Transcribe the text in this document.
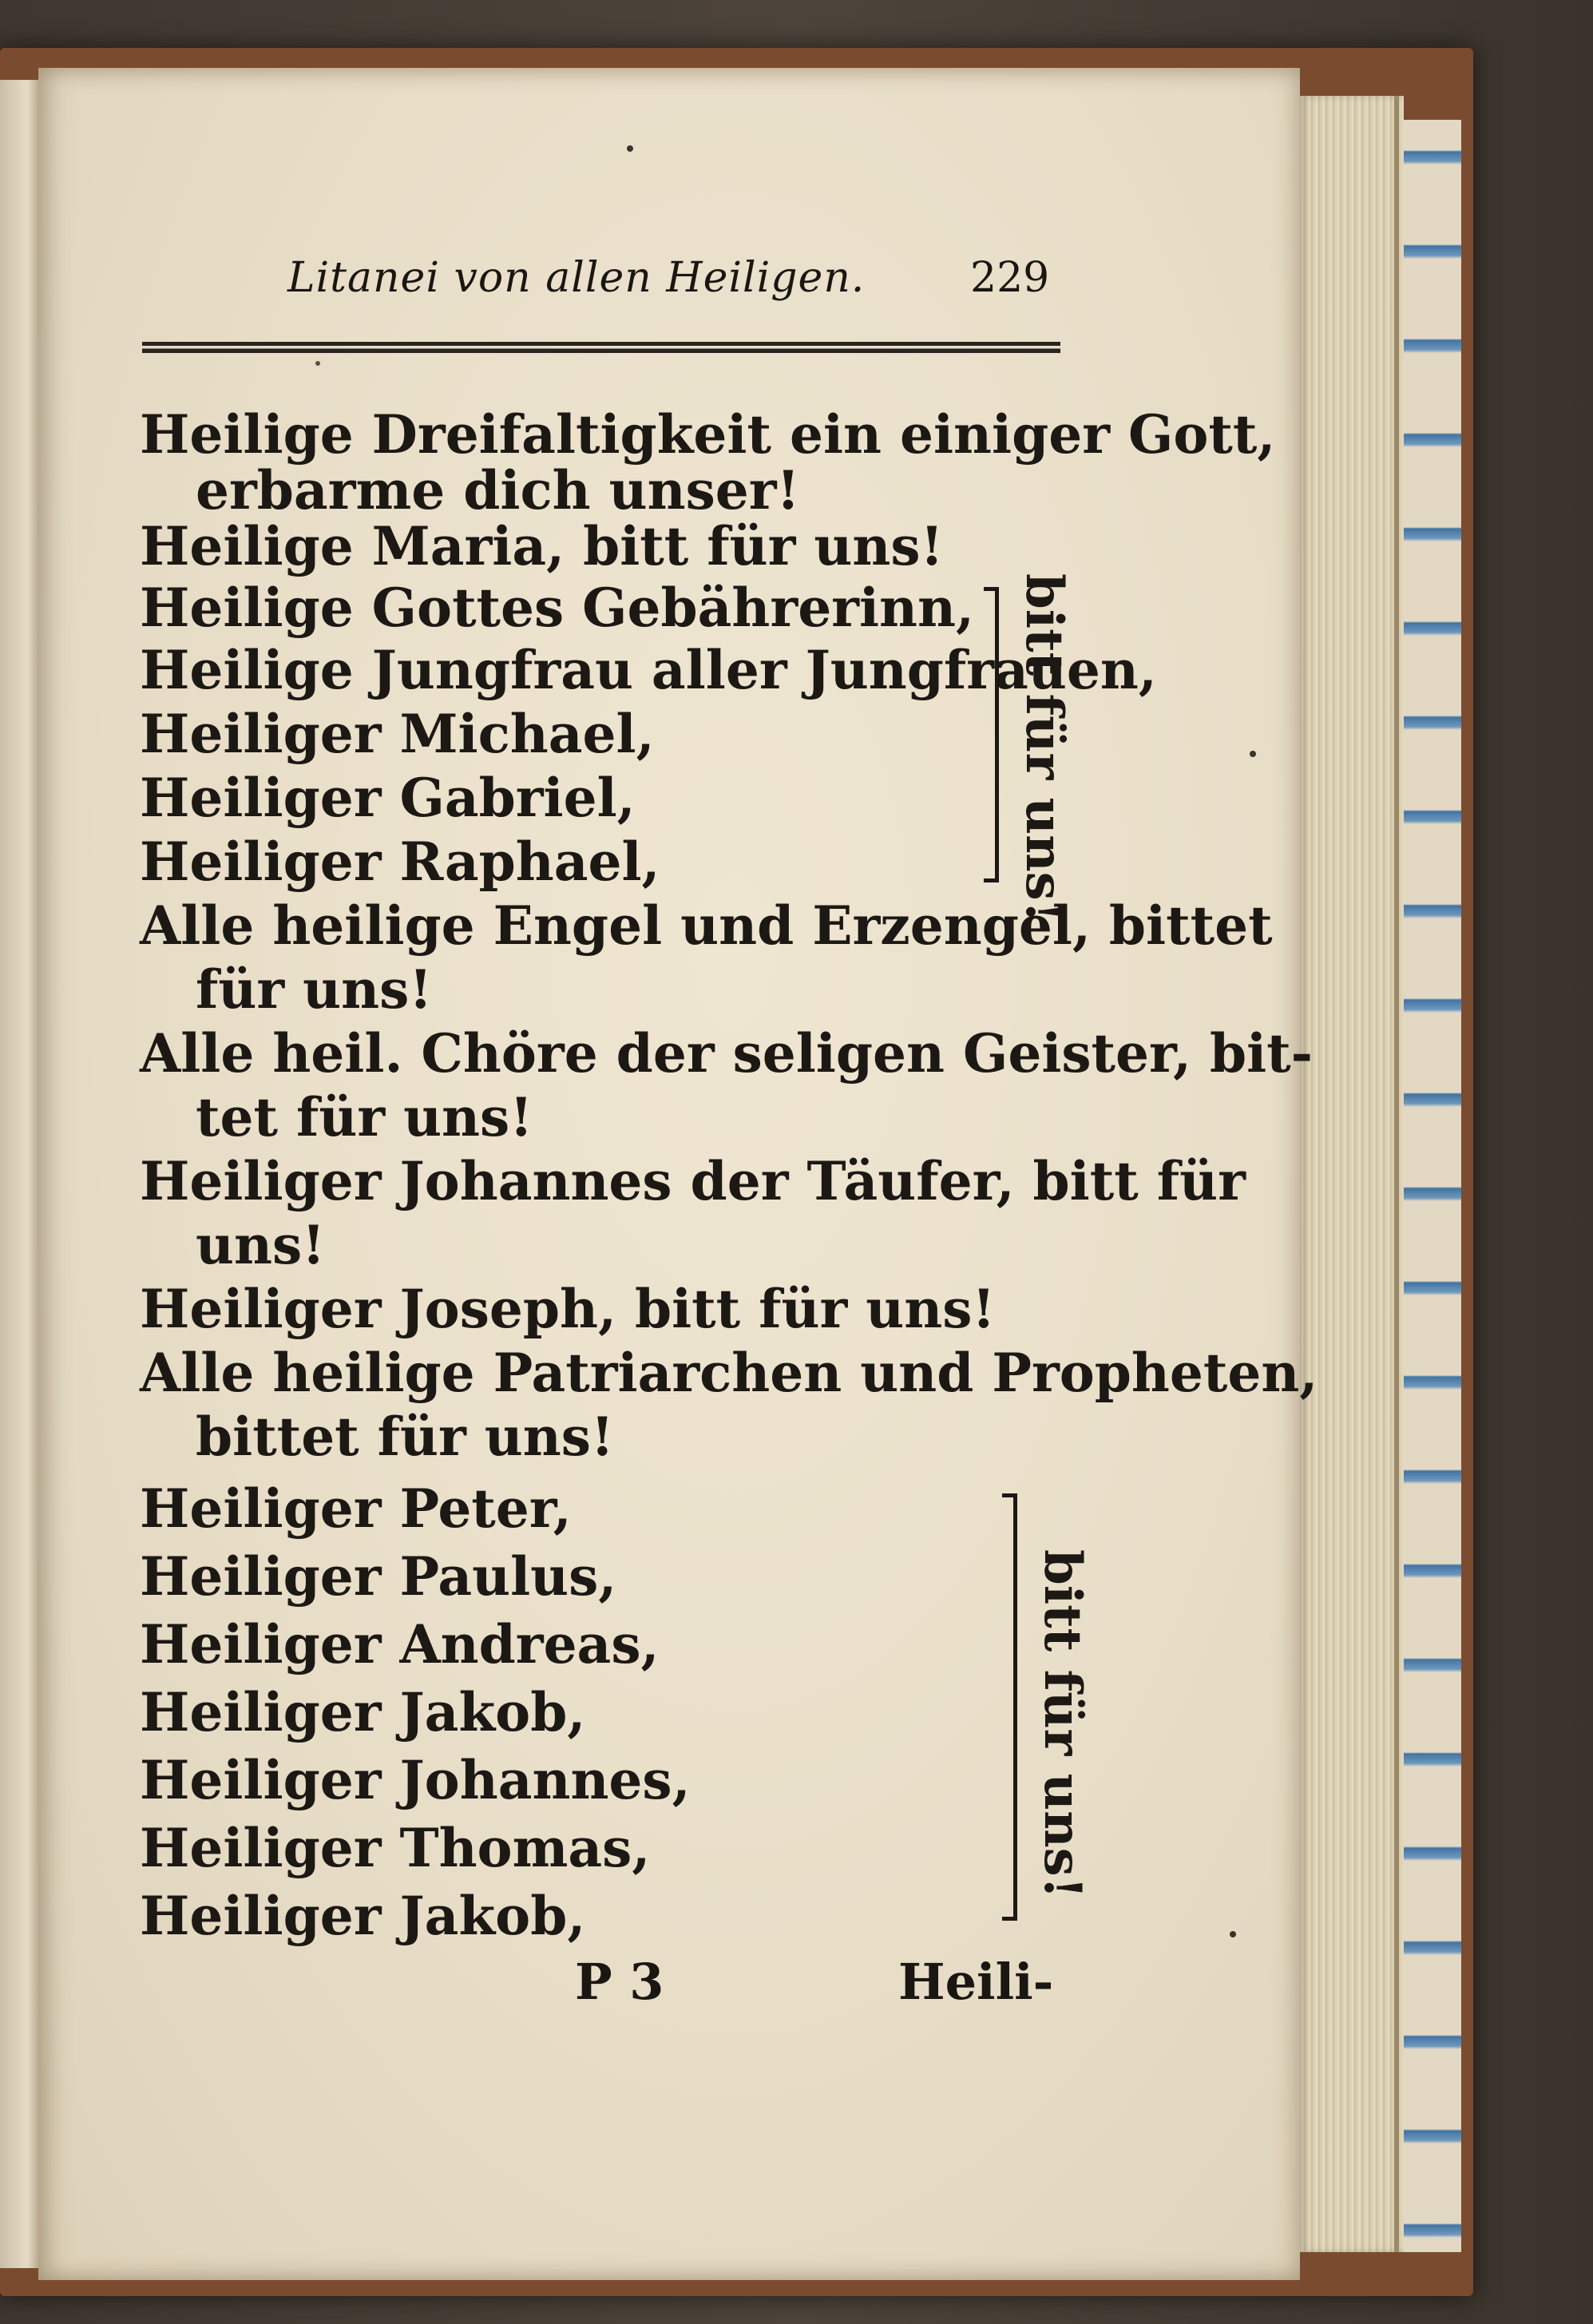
Litanei von allen Heiligen.	229
Heilige Dreifaltigkeit ein einiger Gott,
erbarme dich unser!
Heilige Maria, bitt für uns!
Heilige Gottes Gebährerinn,
Heilige Jungfrau aller Jungfrauen,
Heiliger Michael,
Heiliger Gabriel,
Heiliger Raphael,
Alle heilige Engel und Erzengel, bittet
für uns!
Alle heil. Chöre der seligen Geister, bit-
tet für uns!
Heiliger Johannes der Täufer, bitt für
uns!
Heiliger Joseph, bitt für uns!
Alle heilige Patriarchen und Propheten,
bittet für uns!
Heiliger Peter,
Heiliger Paulus,
Heiliger Andreas,
Heiliger Jakob,
Heiliger Johannes,
Heiliger Thomas,
Heiliger Jakob,
bitt für uns!
bitt für uns!
P 3	Heili-
